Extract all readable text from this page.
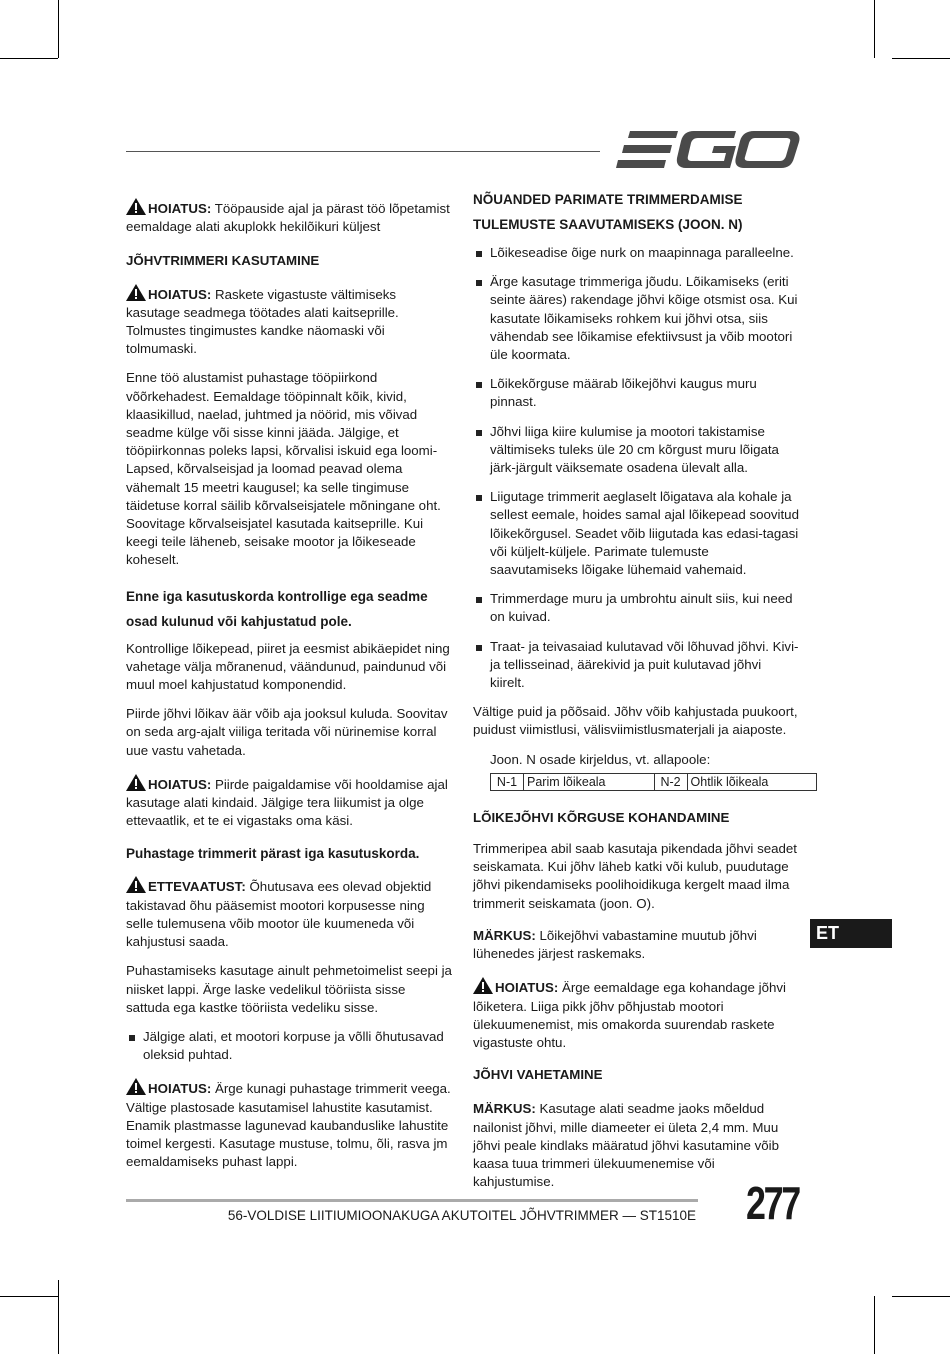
HOIATUS: Tööpauside ajal ja pärast töö lõpetamist eemaldage alati akuplokk hekilõikuri küljest

JÕHVTRIMMERI KASUTAMINE

HOIATUS: Raskete vigastuste vältimiseks kasutage seadmega töötades alati kaitseprille. Tolmustes tingimustes kandke näomaski või tolmumaski.

Enne töö alustamist puhastage tööpiirkond võõrkehadest. Eemaldage tööpinnalt kõik, kivid, klaasikillud, naelad, juhtmed ja nöörid, mis võivad seadme külge või sisse kinni jääda. Jälgige, et tööpiirkonnas poleks lapsi, kõrvalisi iskuid ega loomi- Lapsed, kõrvalseisjad ja loomad peavad olema vähemalt 15 meetri kaugusel; ka selle tingimuse täidetuse korral säilib kõrvalseisjatele mõningane oht. Soovitage kõrvalseisjatel kasutada kaitseprille. Kui keegi teile läheneb, seisake mootor ja lõikeseade koheselt.

Enne iga kasutuskorda kontrollige ega seadme osad kulunud või kahjustatud pole.

Kontrollige lõikepead, piiret ja eesmist abikäepidet ning vahetage välja mõranenud, väändunud, paindunud või muul moel kahjustatud komponendid.

Piirde jõhvi lõikav äär võib aja jooksul kuluda. Soovitav on seda arg-ajalt viiliga teritada või nürinemise korral uue vastu vahetada.

HOIATUS: Piirde paigaldamise või hooldamise ajal kasutage alati kindaid. Jälgige tera liikumist ja olge ettevaatlik, et te ei vigastaks oma käsi.

Puhastage trimmerit pärast iga kasutuskorda.

ETTEVAATUST: Õhutusava ees olevad objektid takistavad õhu pääsemist mootori korpusesse ning selle tulemusena võib mootor üle kuumeneda või kahjustusi saada.

Puhastamiseks kasutage ainult pehmetoimelist seepi ja niisket lappi. Ärge laske vedelikul tööriista sisse sattuda ega kastke tööriista vedeliku sisse.

Jälgige alati, et mootori korpuse ja võlli õhutusavad oleksid puhtad.

HOIATUS: Ärge kunagi puhastage trimmerit veega. Vältige plastosade kasutamisel lahustite kasutamist. Enamik plastmasse lagunevad kaubanduslike lahustite toimel kergesti. Kasutage mustuse, tolmu, õli, rasva jm eemaldamiseks puhast lappi.

NÕUANDED PARIMATE TRIMMERDAMISE TULEMUSTE SAAVUTAMISEKS (JOON. N)
Lõikeseadise õige nurk on maapinnaga paralleelne.
Ärge kasutage trimmeriga jõudu. Lõikamiseks (eriti seinte ääres) rakendage jõhvi kõige otsmist osa. Kui kasutate lõikamiseks rohkem kui jõhvi otsa, siis vähendab see lõikamise efektiivsust ja võib mootori üle koormata.
Lõikekõrguse määrab lõikejõhvi kaugus muru pinnast.
Jõhvi liiga kiire kulumise ja mootori takistamise vältimiseks tuleks üle 20 cm kõrgust muru lõigata järk-järgult väiksemate osadena ülevalt alla.
Liigutage trimmerit aeglaselt lõigatava ala kohale ja sellest eemale, hoides samal ajal lõikepead soovitud lõikekõrgusel. Seadet võib liigutada kas edasi-tagasi või küljelt-küljele. Parimate tulemuste saavutamiseks lõigake lühemaid vahemaid.
Trimmerdage muru ja umbrohtu ainult siis, kui need on kuivad.
Traat- ja teivasaiad kulutavad või lõhuvad jõhvi. Kivi- ja tellisseinad, äärekivid ja puit kulutavad jõhvi kiirelt.

Vältige puid ja põõsaid. Jõhv võib kahjustada puukoort, puidust viimistlusi, välisviimistlusmaterjali ja aiaposte.

Joon. N osade kirjeldus, vt. allapoole:
N-1	Parim lõikeala	N-2	Ohtlik lõikeala
LÕIKEJÕHVI KÕRGUSE KOHANDAMINE

Trimmeripea abil saab kasutaja pikendada jõhvi seadet seiskamata. Kui jõhv läheb katki või kulub, puudutage jõhvi pikendamiseks poolihoidikuga kergelt maad ilma trimmerit seiskamata (joon. O).

MÄRKUS: Lõikejõhvi vabastamine muutub jõhvi lühenedes järjest raskemaks.

HOIATUS: Ärge eemaldage ega kohandage jõhvi lõiketera. Liiga pikk jõhv põhjustab mootori ülekuumenemist, mis omakorda suurendab raskete vigastuste ohtu.

JÕHVI VAHETAMINE

MÄRKUS: Kasutage alati seadme jaoks mõeldud nailonist jõhvi, mille diameeter ei ületa 2,4 mm. Muu jõhvi peale kindlaks määratud jõhvi kasutamine võib kaasa tuua trimmeri ülekuumenemise või kahjustumise.

ET
56-VOLDISE LIITIUMIOONAKUGA AKUTOITEL JÕHVTRIMMER — ST1510E 277
